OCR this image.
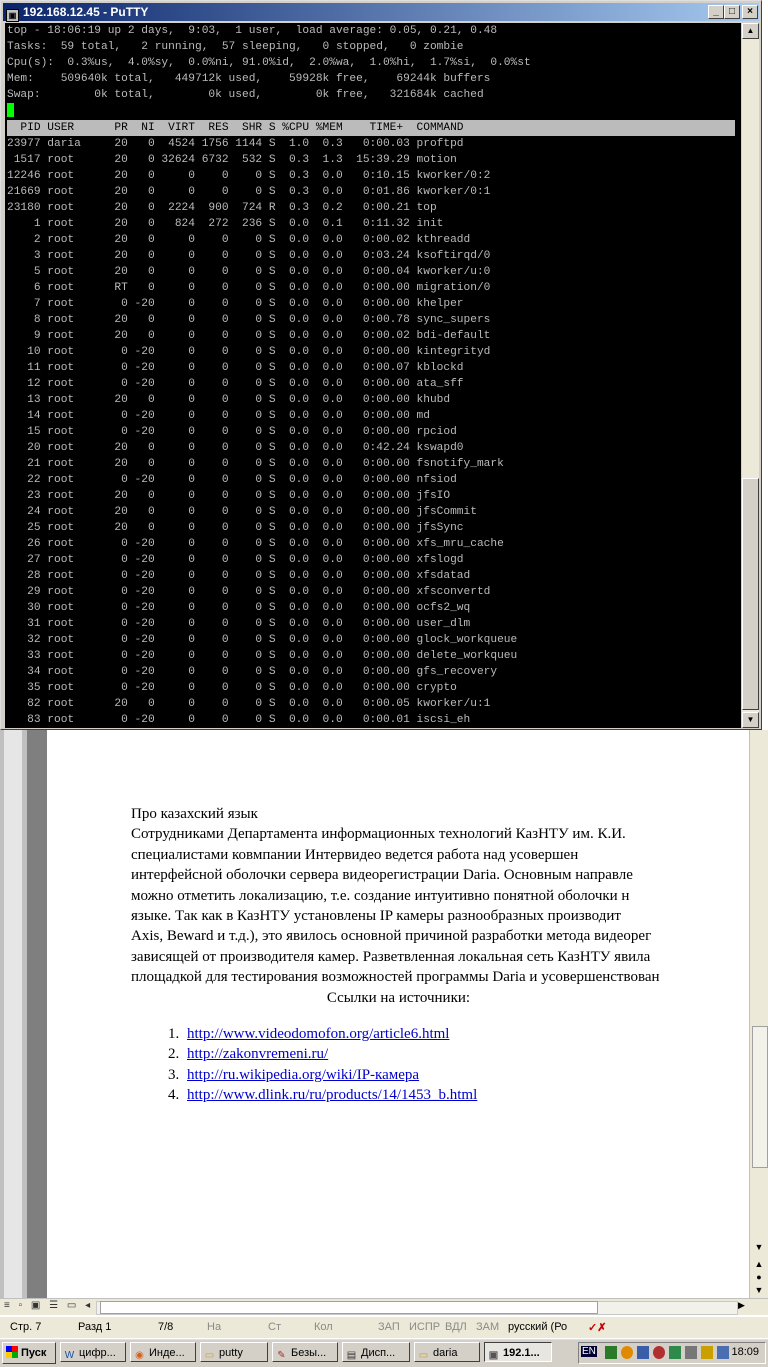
Про казахский язык
Сотрудниками Департамента информационных технологий КазНТУ им. К.И.
специалистами ковмпании Интервидео ведется работа над усовершен
интерфейсной оболочки сервера видеорегистрации Daria. Основным направле
можно отметить локализацию, т.е. создание интуитивно понятной оболочки н
языке. Так как в КазНТУ установлены IP камеры разнообразных производит
Axis, Beward и т.д.), это явилось основной причиной разработки метода видеорег
зависящей от производителя камер. Разветвленная локальная сеть КазНТУ явила
площадкой для тестирования возможностей программы Daria и усовершенствован
Ссылки на источники:
1. http://www.videodomofon.org/article6.html
2. http://zakonvremeni.ru/
3. http://ru.wikipedia.org/wiki/IP-камера
4. http://www.dlink.ru/ru/products/14/1453_b.html
▼
▲
●
▼
≡ ▫ ▣ ☰ ▭ ◂	▶
Стр. 7	Разд 1	7/8	На	Ст	Кол	ЗАП ИСПР ВДЛ ЗАМ русский (Ро ✓✗
Пуск	W цифр...	◉ Инде...	▭ putty	✎ Безы...	▤ Дисп...	▭ daria	▣ 192.1...	EN	18:09
▣ 192.168.12.45 - PuTTY	_	□	×
top - 18:06:19 up 2 days,  9:03,  1 user,  load average: 0.05, 0.21, 0.48
Tasks:  59 total,   2 running,  57 sleeping,   0 stopped,   0 zombie
Cpu(s):  0.3%us,  4.0%sy,  0.0%ni, 91.0%id,  2.0%wa,  1.0%hi,  1.7%si,  0.0%st
Mem:    509640k total,   449712k used,    59928k free,    69244k buffers
Swap:        0k total,        0k used,        0k free,   321684k cached

PID USER      PR  NI  VIRT  RES  SHR S %CPU %MEM    TIME+  COMMAND
23977 daria     20   0  4524 1756 1144 S  1.0  0.3   0:00.03 proftpd
1517 root      20   0 32624 6732  532 S  0.3  1.3  15:39.29 motion
12246 root      20   0     0    0    0 S  0.3  0.0   0:10.15 kworker/0:2
21669 root      20   0     0    0    0 S  0.3  0.0   0:01.86 kworker/0:1
23180 root      20   0  2224  900  724 R  0.3  0.2   0:00.21 top
1 root      20   0   824  272  236 S  0.0  0.1   0:11.32 init
2 root      20   0     0    0    0 S  0.0  0.0   0:00.02 kthreadd
3 root      20   0     0    0    0 S  0.0  0.0   0:03.24 ksoftirqd/0
5 root      20   0     0    0    0 S  0.0  0.0   0:00.04 kworker/u:0
6 root      RT   0     0    0    0 S  0.0  0.0   0:00.00 migration/0
7 root       0 -20     0    0    0 S  0.0  0.0   0:00.00 khelper
8 root      20   0     0    0    0 S  0.0  0.0   0:00.78 sync_supers
9 root      20   0     0    0    0 S  0.0  0.0   0:00.02 bdi-default
10 root       0 -20     0    0    0 S  0.0  0.0   0:00.00 kintegrityd
11 root       0 -20     0    0    0 S  0.0  0.0   0:00.07 kblockd
12 root       0 -20     0    0    0 S  0.0  0.0   0:00.00 ata_sff
13 root      20   0     0    0    0 S  0.0  0.0   0:00.00 khubd
14 root       0 -20     0    0    0 S  0.0  0.0   0:00.00 md
15 root       0 -20     0    0    0 S  0.0  0.0   0:00.00 rpciod
20 root      20   0     0    0    0 S  0.0  0.0   0:42.24 kswapd0
21 root      20   0     0    0    0 S  0.0  0.0   0:00.00 fsnotify_mark
22 root       0 -20     0    0    0 S  0.0  0.0   0:00.00 nfsiod
23 root      20   0     0    0    0 S  0.0  0.0   0:00.00 jfsIO
24 root      20   0     0    0    0 S  0.0  0.0   0:00.00 jfsCommit
25 root      20   0     0    0    0 S  0.0  0.0   0:00.00 jfsSync
26 root       0 -20     0    0    0 S  0.0  0.0   0:00.00 xfs_mru_cache
27 root       0 -20     0    0    0 S  0.0  0.0   0:00.00 xfslogd
28 root       0 -20     0    0    0 S  0.0  0.0   0:00.00 xfsdatad
29 root       0 -20     0    0    0 S  0.0  0.0   0:00.00 xfsconvertd
30 root       0 -20     0    0    0 S  0.0  0.0   0:00.00 ocfs2_wq
31 root       0 -20     0    0    0 S  0.0  0.0   0:00.00 user_dlm
32 root       0 -20     0    0    0 S  0.0  0.0   0:00.00 glock_workqueue
33 root       0 -20     0    0    0 S  0.0  0.0   0:00.00 delete_workqueu
34 root       0 -20     0    0    0 S  0.0  0.0   0:00.00 gfs_recovery
35 root       0 -20     0    0    0 S  0.0  0.0   0:00.00 crypto
82 root      20   0     0    0    0 S  0.0  0.0   0:00.05 kworker/u:1
83 root       0 -20     0    0    0 S  0.0  0.0   0:00.01 iscsi_eh

▲
▼
